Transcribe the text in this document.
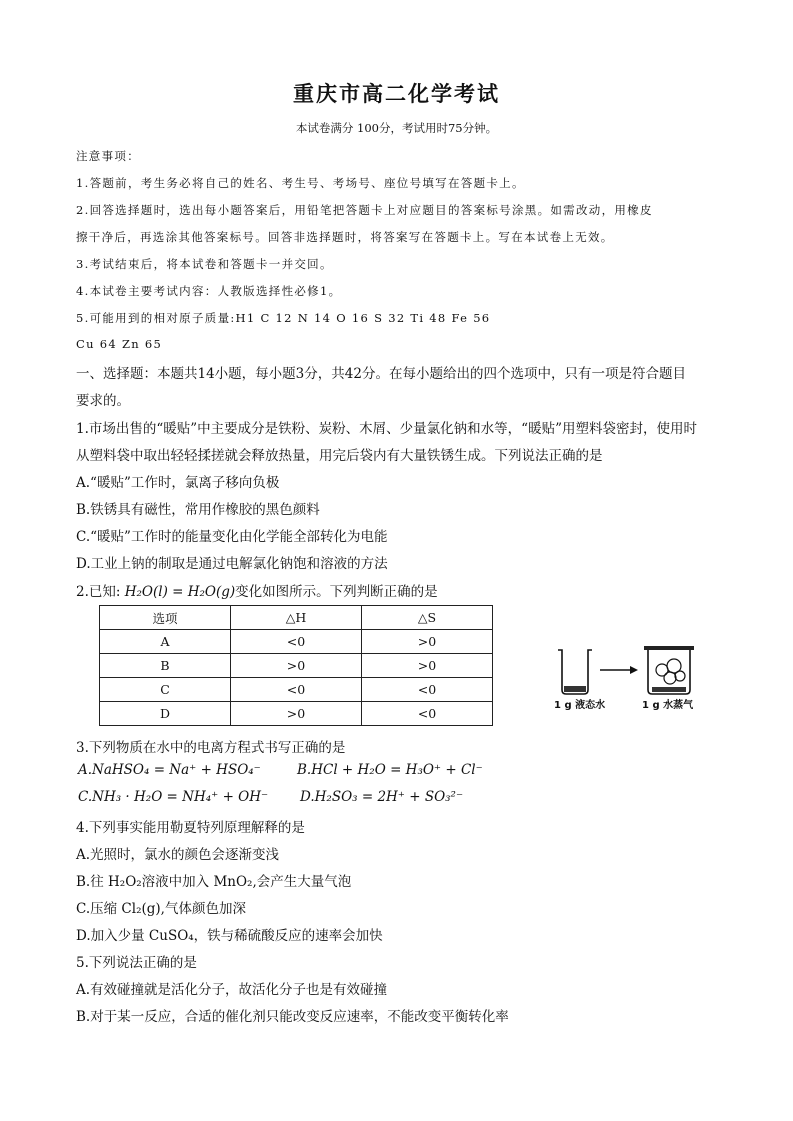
重庆市高二化学考试
本试卷满分 100分，考试用时75分钟。
注意事项：
1.答题前，考生务必将自己的姓名、考生号、考场号、座位号填写在答题卡上。
2.回答选择题时，选出每小题答案后，用铅笔把答题卡上对应题目的答案标号涂黑。如需改动，用橡皮
擦干净后，再选涂其他答案标号。回答非选择题时，将答案写在答题卡上。写在本试卷上无效。
3.考试结束后，将本试卷和答题卡一并交回。
4.本试卷主要考试内容：人教版选择性必修1。
5.可能用到的相对原子质量:H1 C 12 N 14 O 16 S 32 Ti 48 Fe 56
Cu 64 Zn 65
一、选择题：本题共14小题，每小题3分，共42分。在每小题给出的四个选项中，只有一项是符合题目
要求的。
1.市场出售的“暖贴”中主要成分是铁粉、炭粉、木屑、少量氯化钠和水等，“暖贴”用塑料袋密封，使用时
从塑料袋中取出轻轻揉搓就会释放热量，用完后袋内有大量铁锈生成。下列说法正确的是
A.“暖贴”工作时，氯离子移向负极
B.铁锈具有磁性，常用作橡胶的黑色颜料
C.“暖贴”工作时的能量变化由化学能全部转化为电能
D.工业上钠的制取是通过电解氯化钠饱和溶液的方法
2.已知: H₂O(l) = H₂O(g)变化如图所示。下列判断正确的是
选项	△H	△S
A	<0	>0
B	>0	>0
C	<0	<0
D	>0	<0
1 g 液态水	1 g 水蒸气
3.下列物质在水中的电离方程式书写正确的是
A.NaHSO₄ = Na⁺ + HSO₄⁻	B.HCl + H₂O = H₃O⁺ + Cl⁻
C.NH₃ · H₂O = NH₄⁺ + OH⁻ D.H₂SO₃ = 2H⁺ + SO₃²⁻
4.下列事实能用勒夏特列原理解释的是
A.光照时，氯水的颜色会逐渐变浅
B.往 H₂O₂溶液中加入 MnO₂,会产生大量气泡
C.压缩 Cl₂(g),气体颜色加深
D.加入少量 CuSO₄，铁与稀硫酸反应的速率会加快
5.下列说法正确的是
A.有效碰撞就是活化分子，故活化分子也是有效碰撞
B.对于某一反应，合适的催化剂只能改变反应速率，不能改变平衡转化率
